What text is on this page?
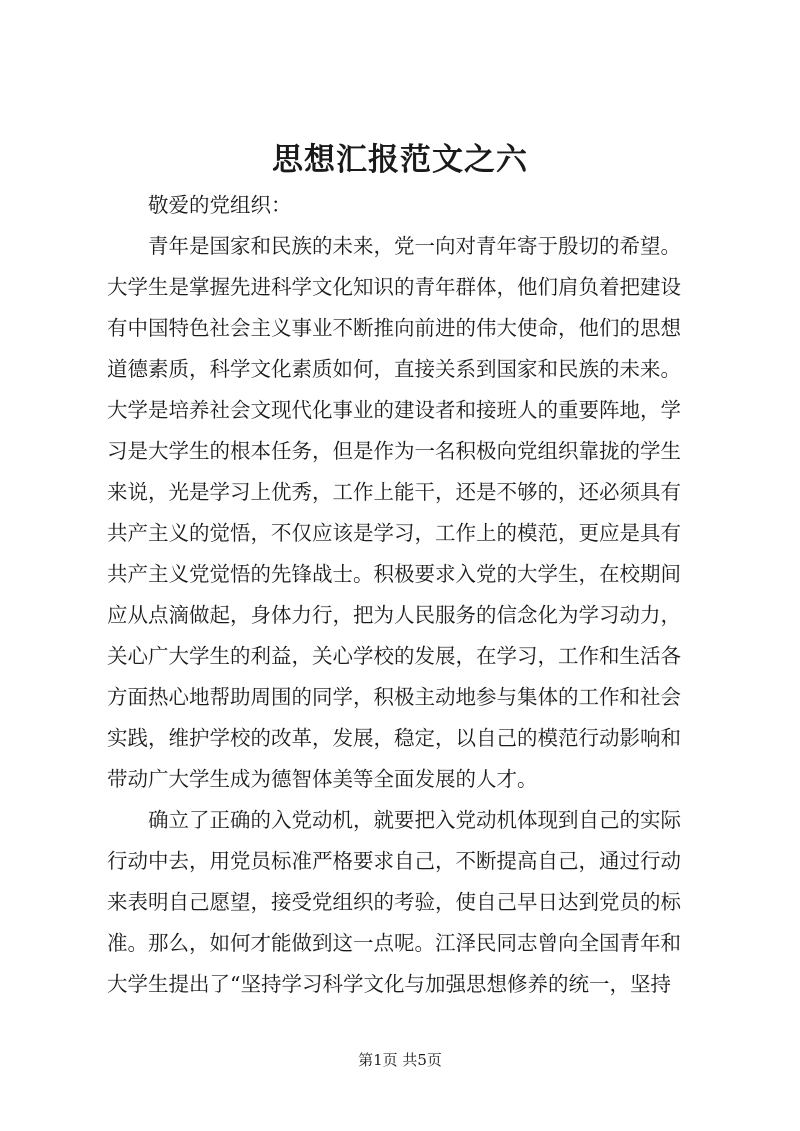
思想汇报范文之六
敬爱的党组织：
青年是国家和民族的未来，党一向对青年寄于殷切的希望。
大学生是掌握先进科学文化知识的青年群体，他们肩负着把建设
有中国特色社会主义事业不断推向前进的伟大使命，他们的思想
道德素质，科学文化素质如何，直接关系到国家和民族的未来。
大学是培养社会文现代化事业的建设者和接班人的重要阵地，学
习是大学生的根本任务，但是作为一名积极向党组织靠拢的学生
来说，光是学习上优秀，工作上能干，还是不够的，还必须具有
共产主义的觉悟，不仅应该是学习，工作上的模范，更应是具有
共产主义党觉悟的先锋战士。积极要求入党的大学生，在校期间
应从点滴做起，身体力行，把为人民服务的信念化为学习动力，
关心广大学生的利益，关心学校的发展，在学习，工作和生活各
方面热心地帮助周围的同学，积极主动地参与集体的工作和社会
实践，维护学校的改革，发展，稳定，以自己的模范行动影响和
带动广大学生成为德智体美等全面发展的人才。
确立了正确的入党动机，就要把入党动机体现到自己的实际
行动中去，用党员标准严格要求自己，不断提高自己，通过行动
来表明自己愿望，接受党组织的考验，使自己早日达到党员的标
准。那么，如何才能做到这一点呢。江泽民同志曾向全国青年和
大学生提出了“坚持学习科学文化与加强思想修养的统一，坚持
第1页 共5页
